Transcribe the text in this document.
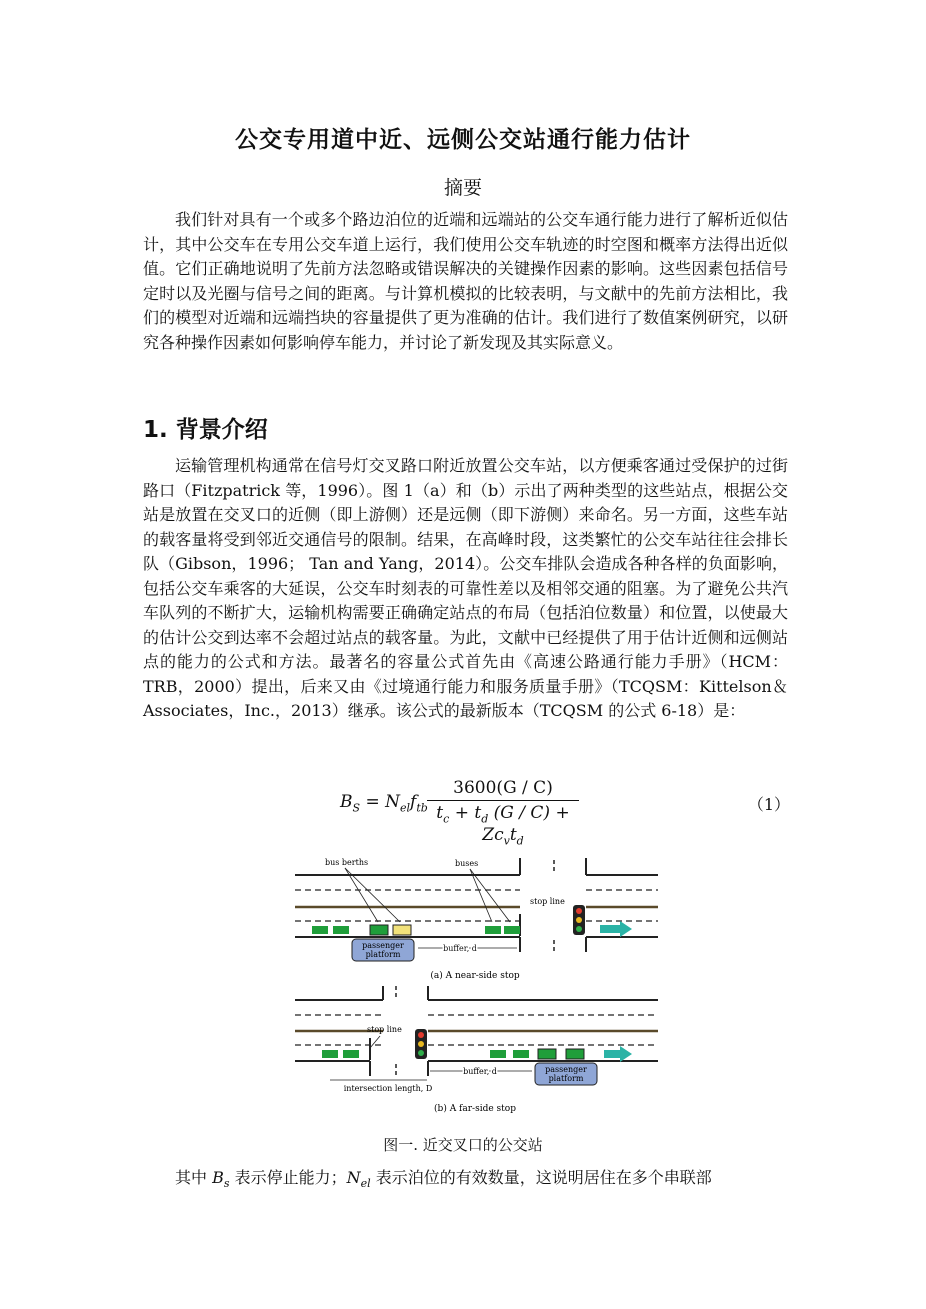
公交专用道中近、远侧公交站通行能力估计
摘要

我们针对具有一个或多个路边泊位的近端和远端站的公交车通行能力进行了解析近似估计，其中公交车在专用公交车道上运行，我们使用公交车轨迹的时空图和概率方法得出近似值。它们正确地说明了先前方法忽略或错误解决的关键操作因素的影响。这些因素包括信号定时以及光圈与信号之间的距离。与计算机模拟的比较表明，与文献中的先前方法相比，我们的模型对近端和远端挡块的容量提供了更为准确的估计。我们进行了数值案例研究，以研究各种操作因素如何影响停车能力，并讨论了新发现及其实际意义。

1. 背景介绍

运输管理机构通常在信号灯交叉路口附近放置公交车站，以方便乘客通过受保护的过街路口（Fitzpatrick 等，1996）。图 1（a）和（b）示出了两种类型的这些站点，根据公交站是放置在交叉口的近侧（即上游侧）还是远侧（即下游侧）来命名。另一方面，这些车站的载客量将受到邻近交通信号的限制。结果，在高峰时段，这类繁忙的公交车站往往会排长队（Gibson，1996； Tan and Yang，2014）。公交车排队会造成各种各样的负面影响，包括公交车乘客的大延误，公交车时刻表的可靠性差以及相邻交通的阻塞。为了避免公共汽车队列的不断扩大，运输机构需要正确确定站点的布局（包括泊位数量）和位置，以使最大的估计公交到达率不会超过站点的载客量。为此，文献中已经提供了用于估计近侧和远侧站点的能力的公式和方法。最著名的容量公式首先由《高速公路通行能力手册》（HCM：TRB，2000）提出，后来又由《过境通行能力和服务质量手册》（TCQSM：Kittelson＆Associates，Inc.，2013）继承。该公式的最新版本（TCQSM 的公式 6-18）是：

$B_S = N_{el}f_{tb}$
3600(G / C)
$t_c + t_d$ $(G / C) + Zc_vt_d$
（1）
passenger
platform
buffer, d
bus berths	buses
stop line
(a) A near-side stop
passenger
platform
buffer, d
intersection length, D
stop line
(b) A far-side stop
图一. 近交叉口的公交站

其中 $B_s$ 表示停止能力；$N_{el}$ 表示泊位的有效数量，这说明居住在多个串联部
